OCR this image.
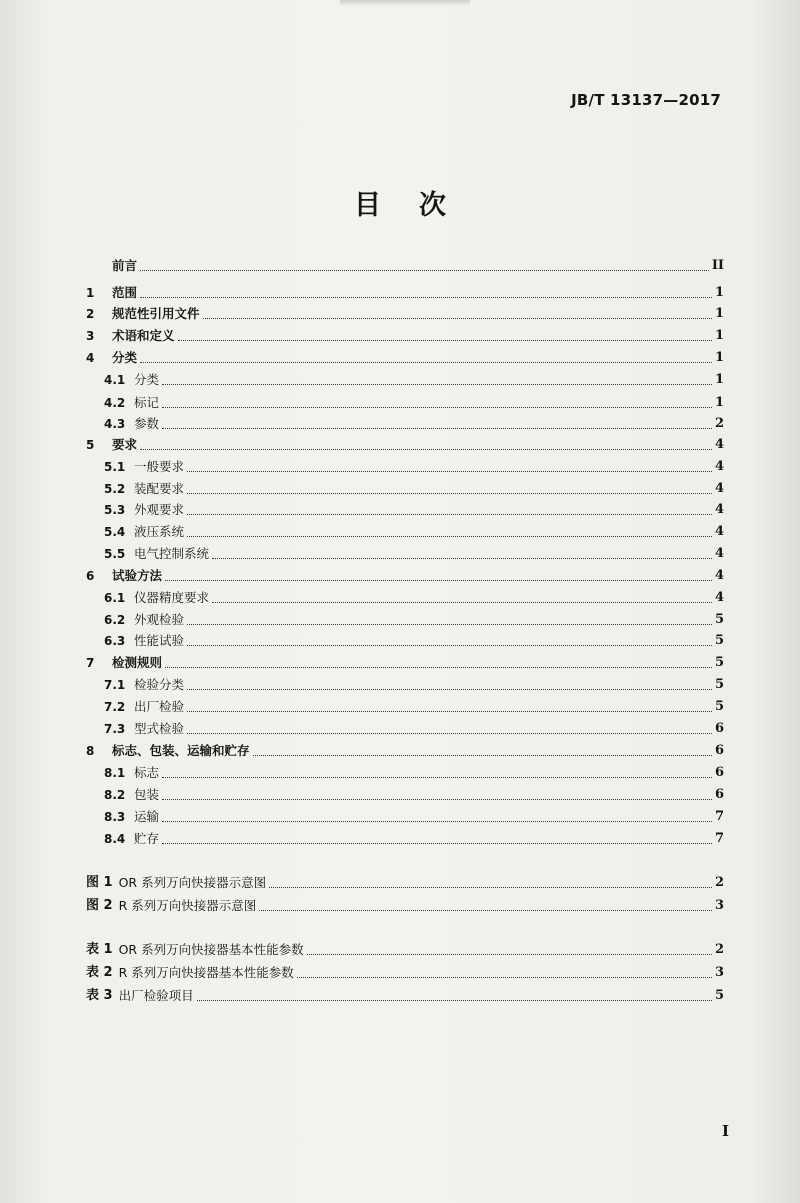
JB/T 13137—2017
目 次
前言	II
1	范围	1
2	规范性引用文件	1
3	术语和定义	1
4	分类	1
4.1 分类	1
4.2 标记	1
4.3 参数	2
5	要求	4
5.1 一般要求	4
5.2 装配要求	4
5.3 外观要求	4
5.4 液压系统	4
5.5 电气控制系统	4
6	试验方法	4
6.1 仪器精度要求	4
6.2 外观检验	5
6.3 性能试验	5
7	检测规则	5
7.1 检验分类	5
7.2 出厂检验	5
7.3 型式检验	6
8	标志、包装、运输和贮存	6
8.1 标志	6
8.2 包装	6
8.3 运输	7
8.4 贮存	7
图 1 OR 系列万向快接器示意图	2
图 2 R 系列万向快接器示意图	3
表 1 OR 系列万向快接器基本性能参数	2
表 2 R 系列万向快接器基本性能参数	3
表 3 出厂检验项目	5
I
